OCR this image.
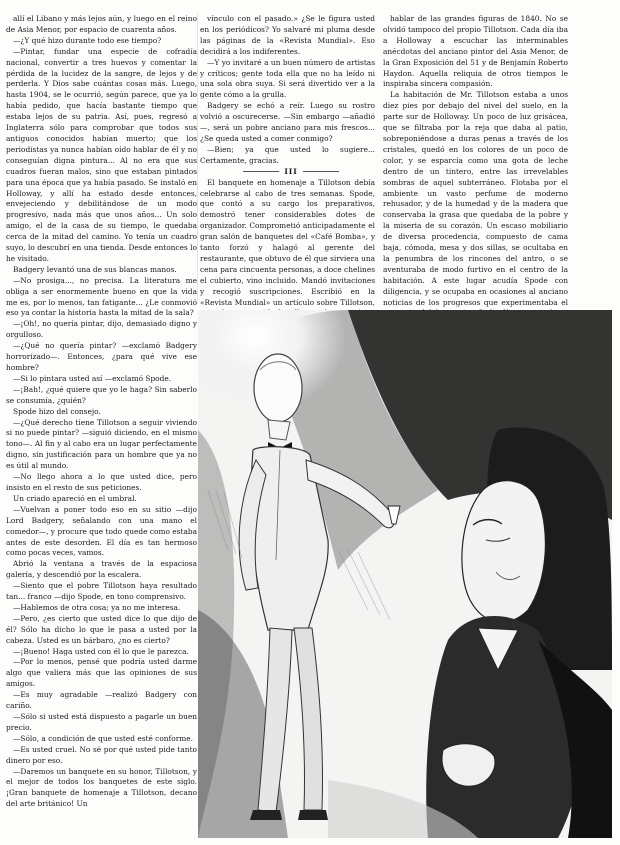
allí el Libano y más lejos aún, y luego en el reino de Asia Menor, por espacio de cuarenta años.

—¿Y qué hizo durante todo ese tiempo?

—Pintar, fundar una especie de cofradía nacional, convertir a tres huevos y comentar la pérdida de la lucidez de la sangre, de lejos y de perderla. Y Dios sabe cuántas cosas más. Luego, hasta 1904, se le ocurrió, según parece, que ya lo había pedido, que hacía bastante tiempo que estaba lejos de su patria. Así, pues, regresó a Inglaterra sólo para comprobar que todos sus antiguos conocidos habían muerto; que los periodistas ya nunca habían oído hablar de él y no conseguían digna pintura... Al no era que sus cuadros fueran malos, sino que estaban pintados para una época que ya había pasado. Se instaló en Holloway, y allí ha estado desde entonces, envejeciendo y debilitándose de un modo progresivo, nada más que unos años... Un solo amigo, el de la casa de su tiempo, le quedaba cerca de la mitad del camino. Yo tenía un cuadro suyo, lo descubrí en una tienda. Desde entonces lo he visitado.

Badgery levantó una de sus blancas manos.

—No prosiga..., no precisa. La literatura me obliga a ser enormemente bueno en que la vida me es, por lo menos, tan fatigante... ¿Le conmovió eso ya contar la historia hasta la mitad de la sala?

—¡Oh!, no quería pintar, dijo, demasiado digno y orgulloso.

—¿Qué no quería pintar? —exclamó Badgery horrorizado—. Entonces, ¿para qué vive ese hombre?

—Si lo pintara usted así —exclamó Spode.

—¡Bah!, ¿qué quiere que yo le haga? Sin saberlo se consumía, ¿quién?

Spode hizo del consejo.

—¿Qué derecho tiene Tillotson a seguir viviendo si no puede pintar? —siguió diciendo, en el mismo tono—. Al fin y al cabo era un lugar perfectamente digno, sin justificación para un hombre que ya no es útil al mundo.

—No llego ahora a lo que usted dice, pero insisto en el resto de sus peticiones.

Un criado apareció en el umbral.

—Vuelvan a poner todo eso en su sitio —dijo Lord Badgery, señalando con una mano el comedor—, y procure que todo quede como estaba antes de este desorden. El día es tan hermoso como pocas veces, vamos.

Abrió la ventana a través de la espaciosa galería, y descendió por la escalera.

—Siento que el pobre Tillotson haya resultado tan... franco —dijo Spode, en tono comprensivo.

—Hablemos de otra cosa; ya no me interesa.

—Pero, ¿es cierto que usted dice lo que dijo de él? Sólo ha dicho lo que le pasa a usted por la cabeza. Usted es un bárbaro, ¿no es cierto?

—¡Bueno! Haga usted con él lo que le parezca.

—Por lo menos, pensé que podría usted darme algo que valiera más que las opiniones de sus amigos.

—Es muy agradable —realizó Badgery con cariño.

—Sólo si usted está dispuesto a pagarle un buen precio.

—Sólo, a condición de que usted esté conforme.

—Es usted cruel. No sé por qué usted pide tanto dinero por eso.

—Daremos un banquete en su honor, Tillotson, y el mejor de todos los banquetes de este siglo. ¡Gran banquete de homenaje a Tillotson, decano del arte británico! Un

vínculo con el pasado.» ¿Se le figura usted en los periódicos? Yo salvaré mi pluma desde las páginas de la «Revista Mundial». Eso decidirá a los indiferentes.

—Y yo invitaré a un buen número de artistas y críticos; gente toda ella que no ha leído ni una sola obra suya. Si será divertido ver a la gente cómo a la grulla.

Badgery se echó a reír. Luego su rostro volvió a oscurecerse. —Sin embargo —añadió—, será un pobre anciano para mis frescos... ¿Se queda usted a comer conmigo?

—Bien; ya que usted lo sugiere... Certamente, gracias.

III

El banquete en homenaje a Tillotson debía celebrarse al cabo de tres semanas. Spode, que contó a su cargo los preparativos, demostró tener considerables dotes de organizador. Comprometió anticipadamente el gran salón de banquetes del «Café Bomba», y tanto forzó y halagó al gerente del restaurante, que obtuvo de él que sirviera una cena para cincuenta personas, a doce chelines el cubierto, vino incluido. Mandó invitaciones y recogió suscripciones. Escribió en la «Revista Mundial» un artículo sobre Tillotson,

hablar de las grandes figuras de 1840. No se olvidó tampoco del propio Tillotson. Cada día iba a Holloway a escuchar las interminables anécdotas del anciano pintor del Asia Menor, de la Gran Exposición del 51 y de Benjamín Roberto Haydon. Aquella reliquia de otros tiempos le inspiraba sincera compasión.

La habitación de Mr. Tillotson estaba a unos diez pies por debajo del nivel del suelo, en la parte sur de Holloway. Un poco de luz grisácea, que se filtraba por la reja que daba al patio, sobreponiéndose a duras penas a través de los cristales, quedó en los colores de un poco de color, y se esparcía como una gota de leche dentro de un tintero, entre las irrevelables sombras de aquel subterráneo. Flotaba por el ambiente un vasto perfume de moderno rehusador, y de la humedad y de la madera que conservaba la grasa que quedaba de la pobre y la miseria de su corazón. Un escaso mobiliario de diversa procedencia, compuesto de cama baja, cómoda, mesa y dos sillas, se ocultaba en la penumbra de los rincones del antro, o se aventuraba de modo furtivo en el centro de la habitación. A este lugar acudía Spode con diligencia, y se ocupaba en ocasiones al anciano noticias de los progresos que experimentaba el
